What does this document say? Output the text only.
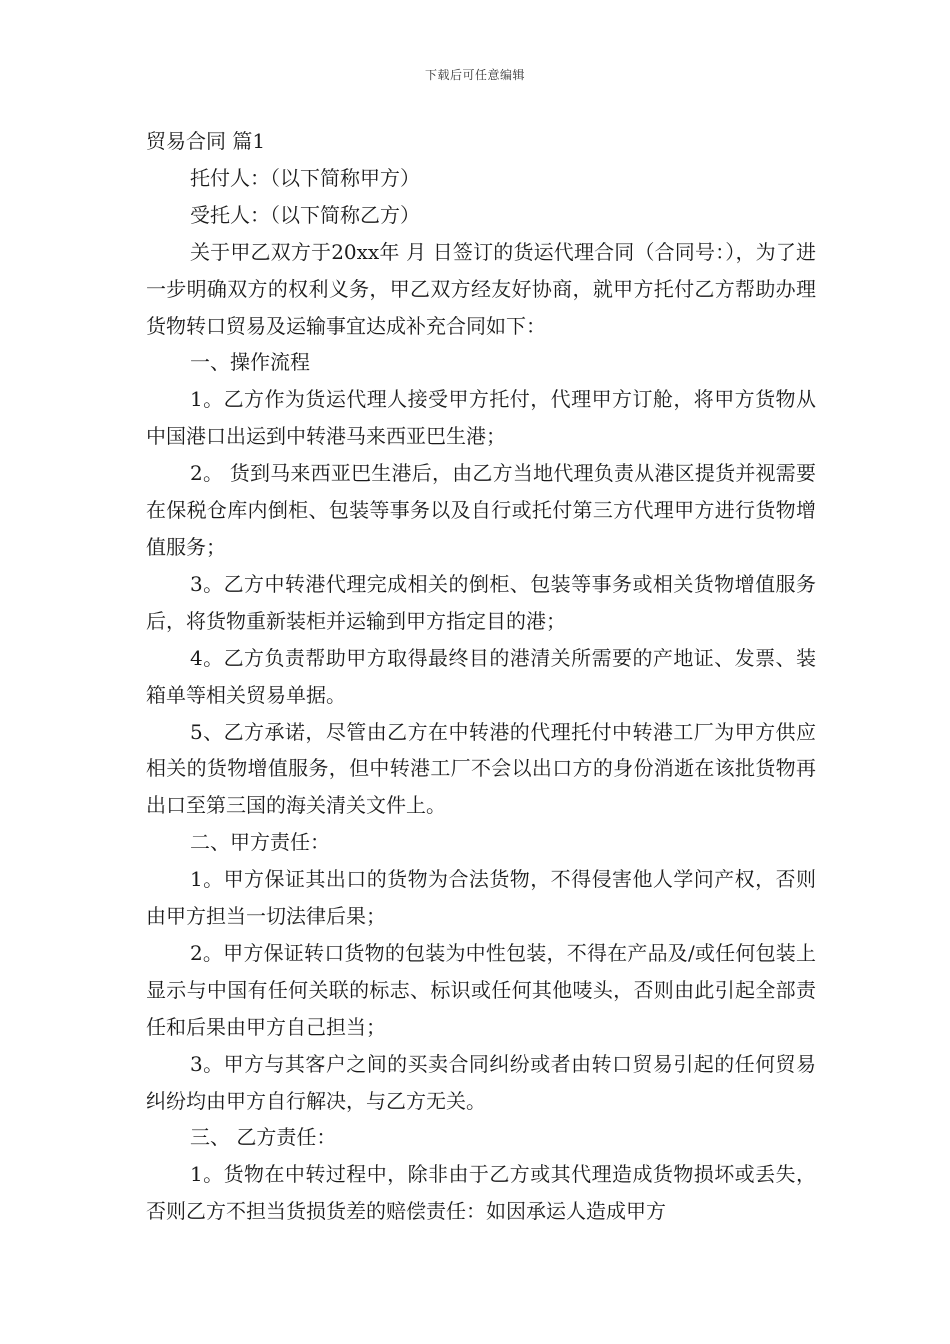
下载后可任意编辑

贸易合同 篇1

托付人：（以下简称甲方）

受托人：（以下简称乙方）

关于甲乙双方于20xx年 月 日签订的货运代理合同（合同号：），为了进一步明确双方的权利义务，甲乙双方经友好协商，就甲方托付乙方帮助办理货物转口贸易及运输事宜达成补充合同如下：

一、操作流程

1。乙方作为货运代理人接受甲方托付，代理甲方订舱，将甲方货物从中国港口出运到中转港马来西亚巴生港；

2。 货到马来西亚巴生港后，由乙方当地代理负责从港区提货并视需要在保税仓库内倒柜、包装等事务以及自行或托付第三方代理甲方进行货物增值服务；

3。乙方中转港代理完成相关的倒柜、包装等事务或相关货物增值服务后，将货物重新装柜并运输到甲方指定目的港；

4。乙方负责帮助甲方取得最终目的港清关所需要的产地证、发票、装箱单等相关贸易单据。

5、乙方承诺，尽管由乙方在中转港的代理托付中转港工厂为甲方供应相关的货物增值服务，但中转港工厂不会以出口方的身份消逝在该批货物再出口至第三国的海关清关文件上。

二、甲方责任：

1。甲方保证其出口的货物为合法货物，不得侵害他人学问产权，否则由甲方担当一切法律后果；

2。甲方保证转口货物的包装为中性包装，不得在产品及/或任何包装上显示与中国有任何关联的标志、标识或任何其他唛头，否则由此引起全部责任和后果由甲方自己担当；

3。甲方与其客户之间的买卖合同纠纷或者由转口贸易引起的任何贸易纠纷均由甲方自行解决，与乙方无关。

三、 乙方责任：

1。货物在中转过程中，除非由于乙方或其代理造成货物损坏或丢失，否则乙方不担当货损货差的赔偿责任：如因承运人造成甲方
